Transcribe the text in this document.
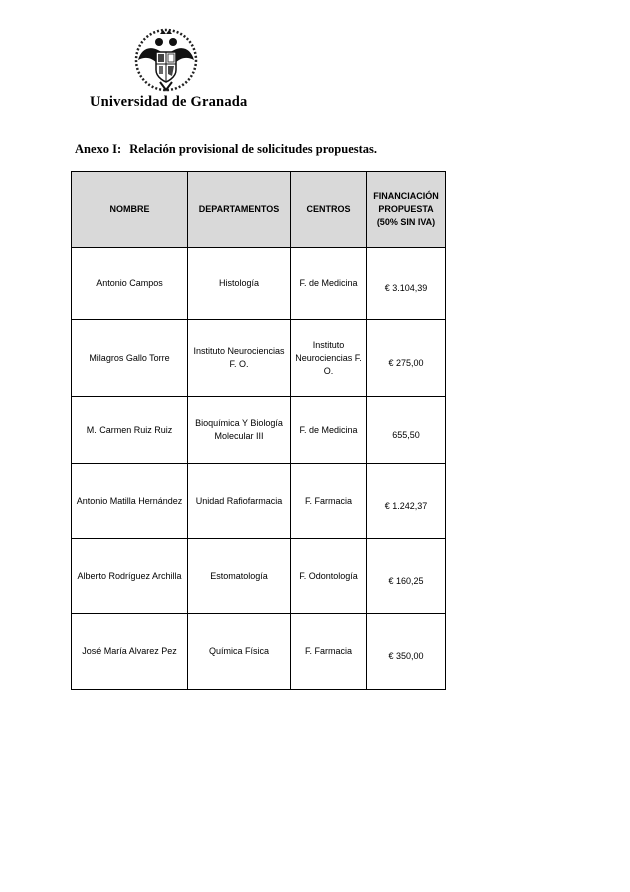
Universidad de Granada
Anexo I: Relación provisional de solicitudes propuestas.
NOMBRE	DEPARTAMENTOS	CENTROS	FINANCIACIÓN PROPUESTA (50% SIN IVA)
Antonio Campos	Histología	F. de Medicina	€ 3.104,39
Milagros Gallo Torre	Instituto Neurociencias F. O.	Instituto Neurociencias F. O.	€ 275,00
M. Carmen Ruiz Ruiz	Bioquímica Y Biología Molecular III	F. de Medicina	655,50
Antonio Matilla Hernández	Unidad Rafiofarmacia	F. Farmacia	€ 1.242,37
Alberto Rodríguez Archilla	Estomatología	F. Odontología	€ 160,25
José María Alvarez Pez	Química Física	F. Farmacia	€ 350,00
